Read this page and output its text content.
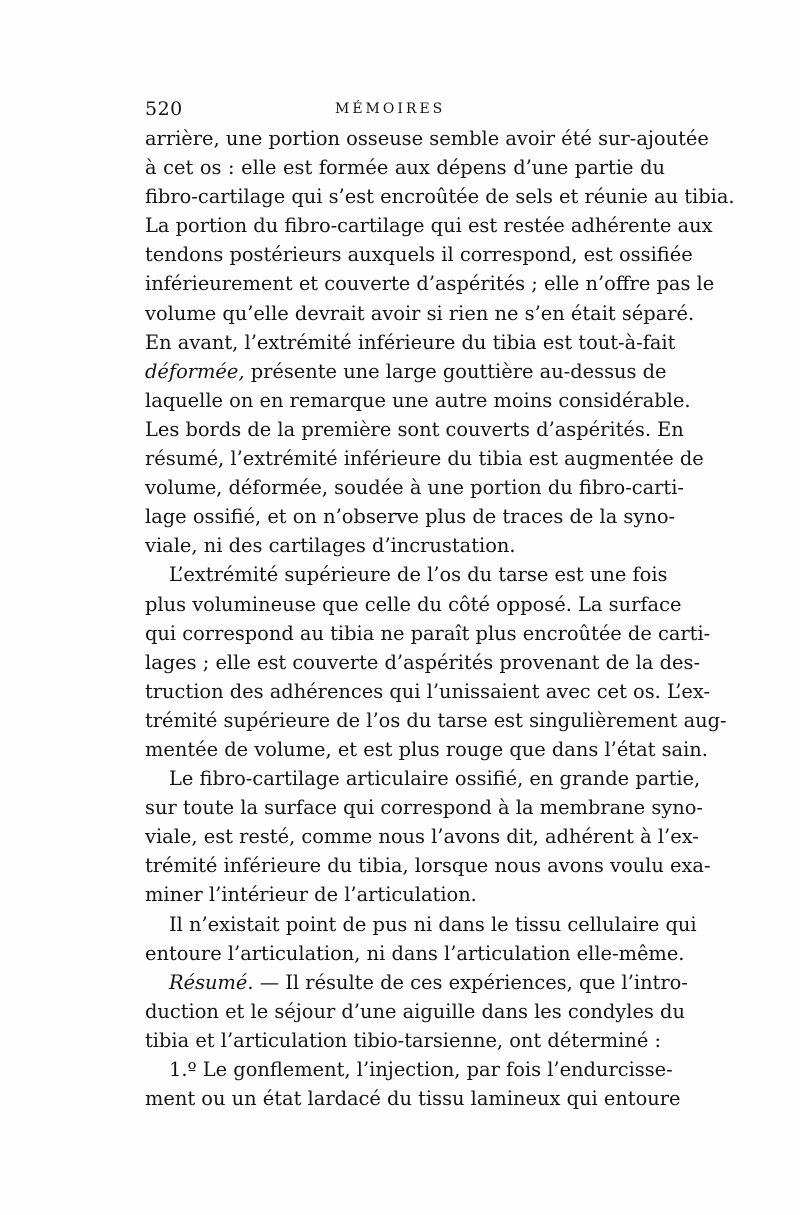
520	MÉMOIRES
arrière, une portion osseuse semble avoir été sur-ajoutée
à cet os : elle est formée aux dépens d’une partie du
fibro-cartilage qui s’est encroûtée de sels et réunie au tibia.
La portion du fibro-cartilage qui est restée adhérente aux
tendons postérieurs auxquels il correspond, est ossifiée
inférieurement et couverte d’aspérités ; elle n’offre pas le
volume qu’elle devrait avoir si rien ne s’en était séparé.
En avant, l’extrémité inférieure du tibia est tout-à-fait
déformée, présente une large gouttière au-dessus de
laquelle on en remarque une autre moins considérable.
Les bords de la première sont couverts d’aspérités. En
résumé, l’extrémité inférieure du tibia est augmentée de
volume, déformée, soudée à une portion du fibro-carti-
lage ossifié, et on n’observe plus de traces de la syno-
viale, ni des cartilages d’incrustation.
L’extrémité supérieure de l’os du tarse est une fois
plus volumineuse que celle du côté opposé. La surface
qui correspond au tibia ne paraît plus encroûtée de carti-
lages ; elle est couverte d’aspérités provenant de la des-
truction des adhérences qui l’unissaient avec cet os. L’ex-
trémité supérieure de l’os du tarse est singulièrement aug-
mentée de volume, et est plus rouge que dans l’état sain.
Le fibro-cartilage articulaire ossifié, en grande partie,
sur toute la surface qui correspond à la membrane syno-
viale, est resté, comme nous l’avons dit, adhérent à l’ex-
trémité inférieure du tibia, lorsque nous avons voulu exa-
miner l’intérieur de l’articulation.
Il n’existait point de pus ni dans le tissu cellulaire qui
entoure l’articulation, ni dans l’articulation elle-même.
Résumé. — Il résulte de ces expériences, que l’intro-
duction et le séjour d’une aiguille dans les condyles du
tibia et l’articulation tibio-tarsienne, ont déterminé :
1.º Le gonflement, l’injection, par fois l’endurcisse-
ment ou un état lardacé du tissu lamineux qui entoure
